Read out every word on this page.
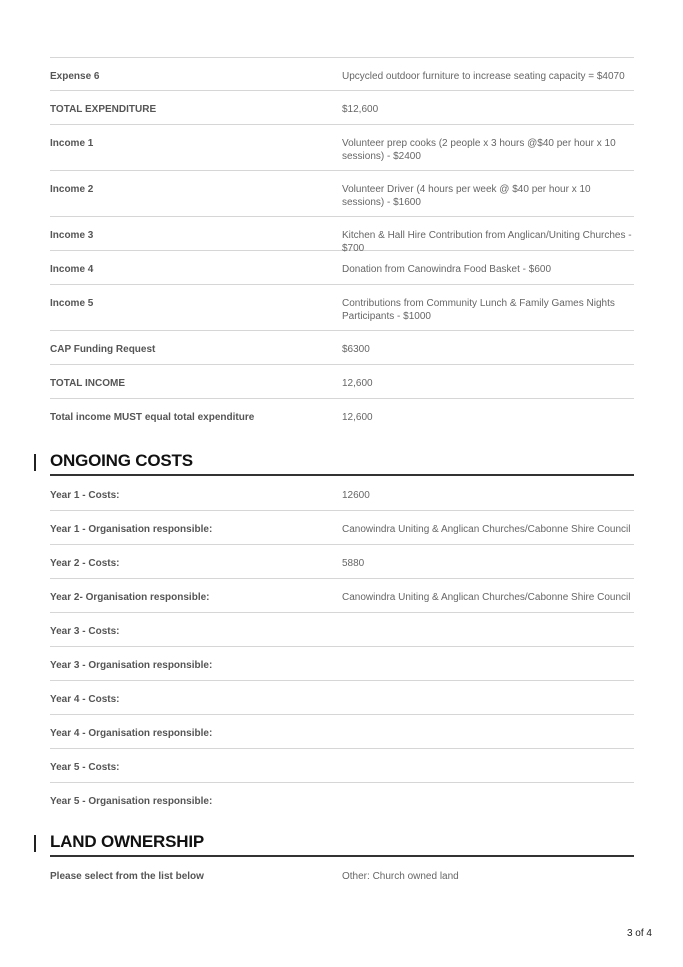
Expense 6	Upcycled outdoor furniture to increase seating capacity = $4070
TOTAL EXPENDITURE	$12,600
Income 1	Volunteer prep cooks (2 people x 3 hours @$40 per hour x 10 sessions) - $2400
Income 2	Volunteer Driver (4 hours per week @ $40 per hour x 10 sessions) - $1600
Income 3	Kitchen & Hall Hire Contribution from Anglican/Uniting Churches - $700
Income 4	Donation from Canowindra Food Basket - $600
Income 5	Contributions from Community Lunch & Family Games Nights Participants - $1000
CAP Funding Request	$6300
TOTAL INCOME	12,600
Total income MUST equal total expenditure	12,600
ONGOING COSTS
Year 1 - Costs:	12600
Year 1 - Organisation responsible:	Canowindra Uniting & Anglican Churches/Cabonne Shire Council
Year 2 - Costs:	5880
Year 2- Organisation responsible:	Canowindra Uniting & Anglican Churches/Cabonne Shire Council
Year 3 - Costs:
Year 3 - Organisation responsible:
Year 4 - Costs:
Year 4 - Organisation responsible:
Year 5 - Costs:
Year 5 - Organisation responsible:
LAND OWNERSHIP
Please select from the list below	Other: Church owned land
3 of 4
